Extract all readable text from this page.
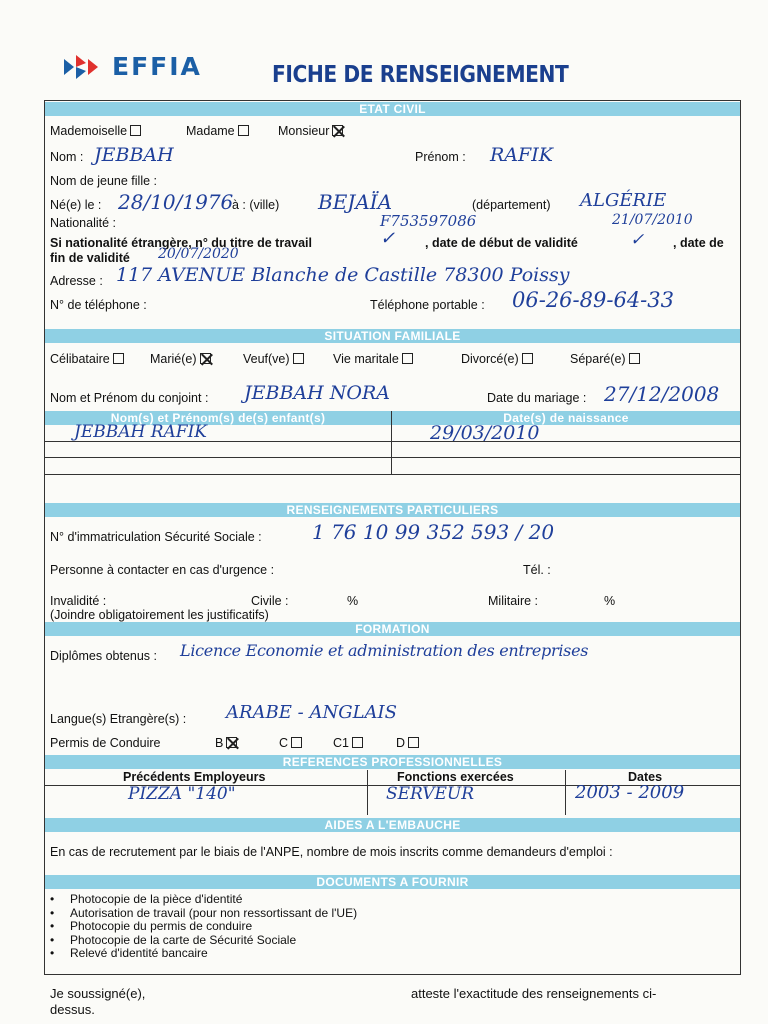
EFFIA	FICHE DE RENSEIGNEMENT
ETAT CIVIL
Mademoiselle	Madame	Monsieur
Nom : JEBBAH	Prénom : RAFIK
Nom de jeune fille :
Né(e) le : 28/10/1976
à : (ville) BEJAÏA	(département) ALGÉRIE
Nationalité :	F753597086	21/07/2010
Si nationalité étrangère, n° du titre de travail	✓ , date de début de validité	✓ , date de
fin de validité 20/07/2020
Adresse : 117 AVENUE Blanche de Castille 78300 Poissy
N° de téléphone :	Téléphone portable : 06-26-89-64-33
SITUATION FAMILIALE
Célibataire	Marié(e)	Veuf(ve)	Vie maritale	Divorcé(e)	Séparé(e)
Nom et Prénom du conjoint : JEBBAH NORA	Date du mariage : 27/12/2008
Nom(s) et Prénom(s) de(s) enfant(s)	Date(s) de naissance
JEBBAH RAFIK	29/03/2010
RENSEIGNEMENTS PARTICULIERS
N° d'immatriculation Sécurité Sociale :	1 76 10 99 352 593 / 20
Personne à contacter en cas d'urgence :	Tél. :
Invalidité :	Civile :	%	Militaire :	%
(Joindre obligatoirement les justificatifs)
FORMATION
Diplômes obtenus : Licence Economie et administration des entreprises
Langue(s) Etrangère(s) : ARABE - ANGLAIS
Permis de Conduire	B	C	C1	D
REFERENCES PROFESSIONNELLES
Précédents Employeurs	Fonctions exercées	Dates
PIZZA "140"	SERVEUR	2003 - 2009
AIDES A L'EMBAUCHE
En cas de recrutement par le biais de l'ANPE, nombre de mois inscrits comme demandeurs d'emploi :
DOCUMENTS A FOURNIR
• Photocopie de la pièce d'identité
• Autorisation de travail (pour non ressortissant de l'UE)
• Photocopie du permis de conduire
• Photocopie de la carte de Sécurité Sociale
• Relevé d'identité bancaire
Je soussigné(e),
dessus.
atteste l'exactitude des renseignements ci-
